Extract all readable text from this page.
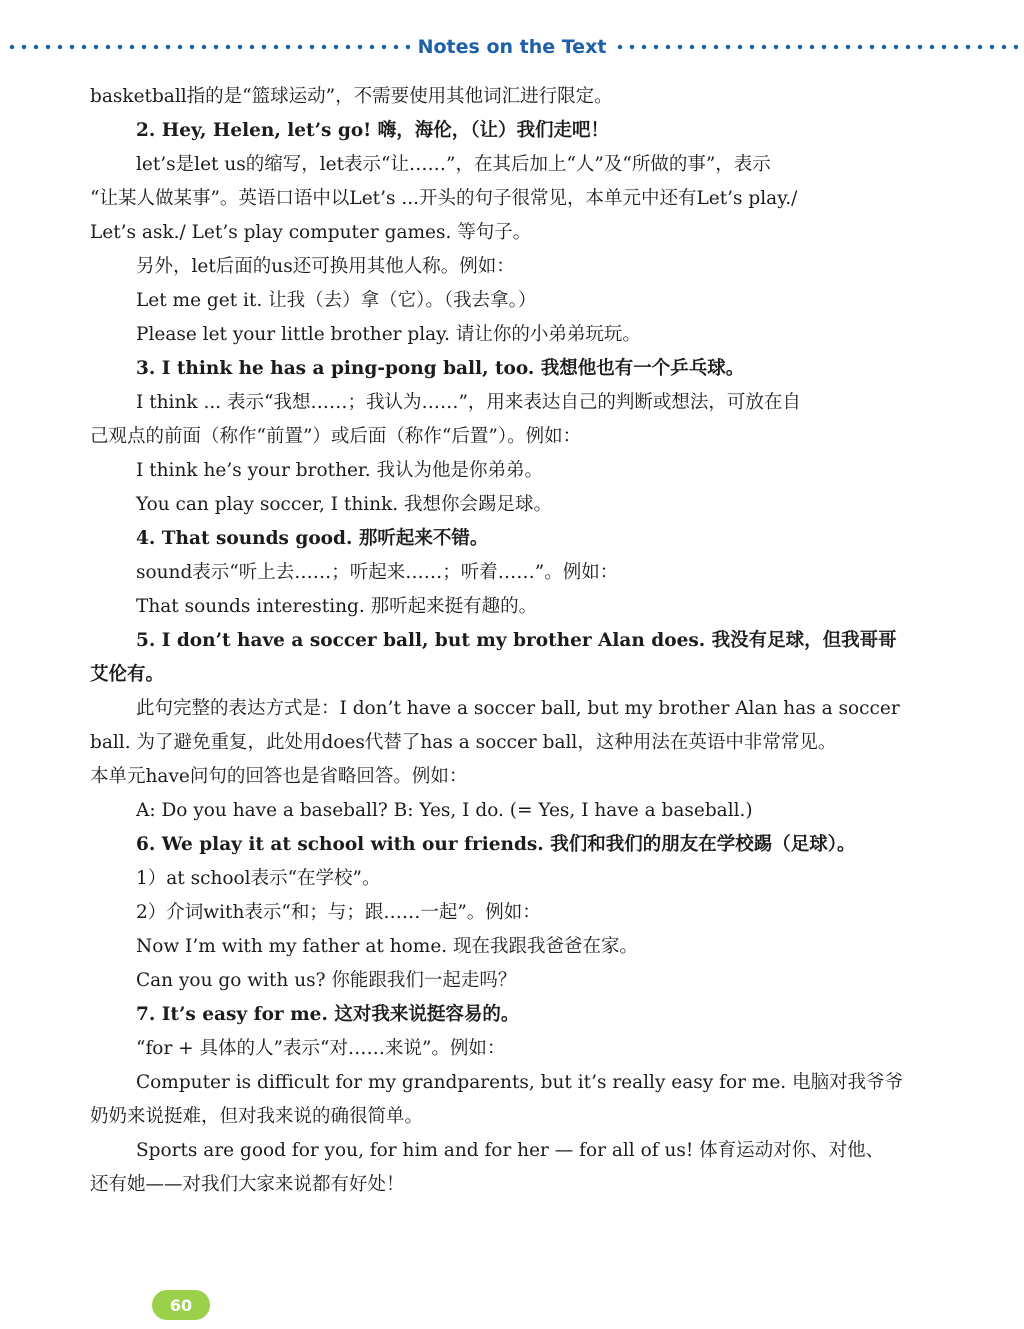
Notes on the Text
basketball指的是“篮球运动”，不需要使用其他词汇进行限定。
2. Hey, Helen, let’s go! 嗨，海伦，（让）我们走吧！
let’s是let us的缩写，let表示“让……”，在其后加上“人”及“所做的事”，表示
“让某人做某事”。英语口语中以Let’s ...开头的句子很常见，本单元中还有Let’s play./
Let’s ask./ Let’s play computer games. 等句子。
另外，let后面的us还可换用其他人称。例如：
Let me get it. 让我（去）拿（它）。（我去拿。）
Please let your little brother play. 请让你的小弟弟玩玩。
3. I think he has a ping-pong ball, too. 我想他也有一个乒乓球。
I think ... 表示“我想……；我认为……”，用来表达自己的判断或想法，可放在自
己观点的前面（称作“前置”）或后面（称作“后置”）。例如：
I think he’s your brother. 我认为他是你弟弟。
You can play soccer, I think. 我想你会踢足球。
4. That sounds good. 那听起来不错。
sound表示“听上去……；听起来……；听着……”。例如：
That sounds interesting. 那听起来挺有趣的。
5. I don’t have a soccer ball, but my brother Alan does. 我没有足球，但我哥哥
艾伦有。
此句完整的表达方式是：I don’t have a soccer ball, but my brother Alan has a soccer
ball. 为了避免重复，此处用does代替了has a soccer ball，这种用法在英语中非常常见。
本单元have问句的回答也是省略回答。例如：
A: Do you have a baseball? B: Yes, I do. (= Yes, I have a baseball.)
6. We play it at school with our friends. 我们和我们的朋友在学校踢（足球）。
1）at school表示“在学校”。
2）介词with表示“和；与；跟……一起”。例如：
Now I’m with my father at home. 现在我跟我爸爸在家。
Can you go with us? 你能跟我们一起走吗？
7. It’s easy for me. 这对我来说挺容易的。
“for + 具体的人”表示“对……来说”。例如：
Computer is difficult for my grandparents, but it’s really easy for me. 电脑对我爷爷
奶奶来说挺难，但对我来说的确很简单。
Sports are good for you, for him and for her — for all of us! 体育运动对你、对他、
还有她——对我们大家来说都有好处！
60
